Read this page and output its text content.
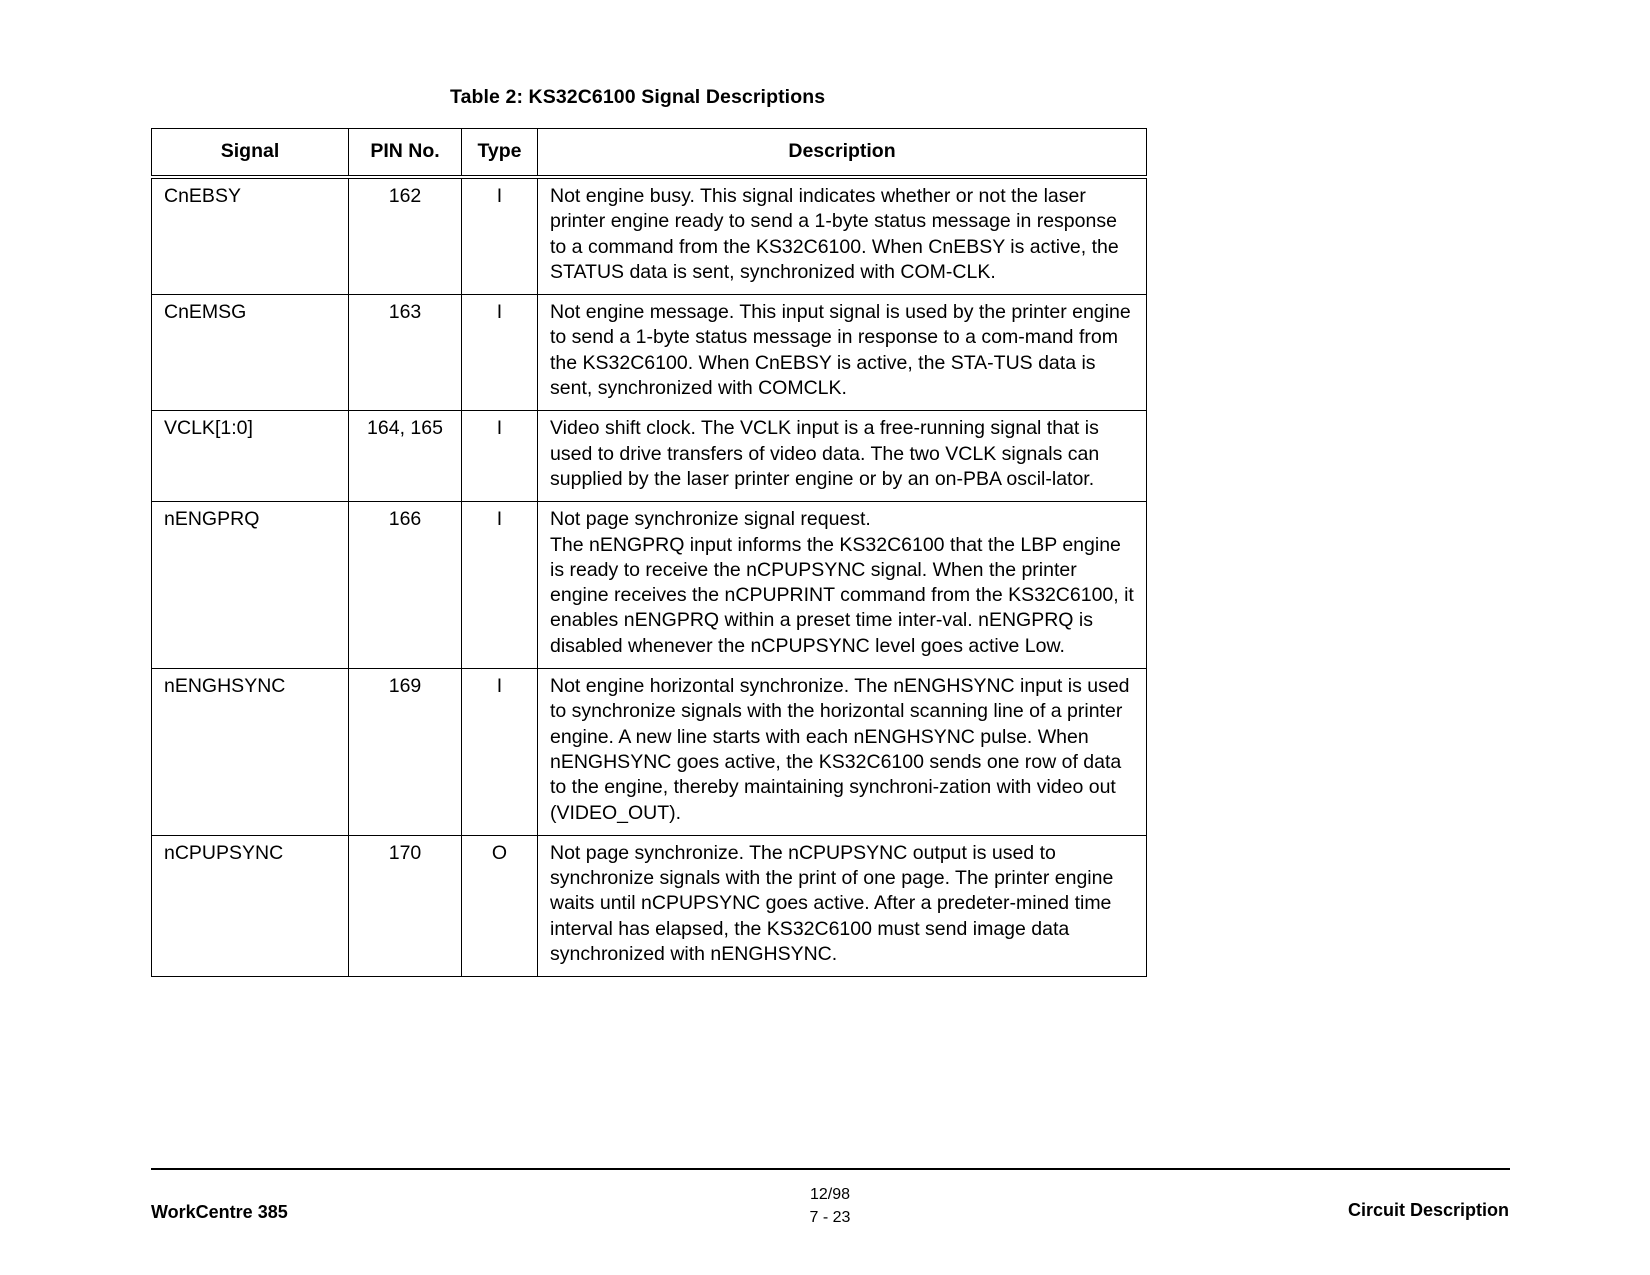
Table 2: KS32C6100 Signal Descriptions
Signal	PIN No.	Type	Description
CnEBSY	162	I	Not engine busy. This signal indicates whether or not the laser printer engine ready to send a 1-byte status message in response to a command from the KS32C6100. When CnEBSY is active, the STATUS data is sent, synchronized with COM-CLK.
CnEMSG	163	I	Not engine message. This input signal is used by the printer engine to send a 1-byte status message in response to a com-mand from the KS32C6100. When CnEBSY is active, the STA-TUS data is sent, synchronized with COMCLK.
VCLK[1:0]	164, 165	I	Video shift clock. The VCLK input is a free-running signal that is used to drive transfers of video data. The two VCLK signals can supplied by the laser printer engine or by an on-PBA oscil-lator.
nENGPRQ	166	I	Not page synchronize signal request.
The nENGPRQ input informs the KS32C6100 that the LBP engine is ready to receive the nCPUPSYNC signal. When the printer engine receives the nCPUPRINT command from the KS32C6100, it enables nENGPRQ within a preset time inter-val. nENGPRQ is disabled whenever the nCPUPSYNC level goes active Low.
nENGHSYNC	169	I	Not engine horizontal synchronize. The nENGHSYNC input is used to synchronize signals with the horizontal scanning line of a printer engine. A new line starts with each nENGHSYNC pulse. When nENGHSYNC goes active, the KS32C6100 sends one row of data to the engine, thereby maintaining synchroni-zation with video out (VIDEO_OUT).
nCPUPSYNC	170	O	Not page synchronize. The nCPUPSYNC output is used to synchronize signals with the print of one page. The printer engine waits until nCPUPSYNC goes active. After a predeter-mined time interval has elapsed, the KS32C6100 must send image data synchronized with nENGHSYNC.
WorkCentre 385
12/98
7 - 23	Circuit Description
